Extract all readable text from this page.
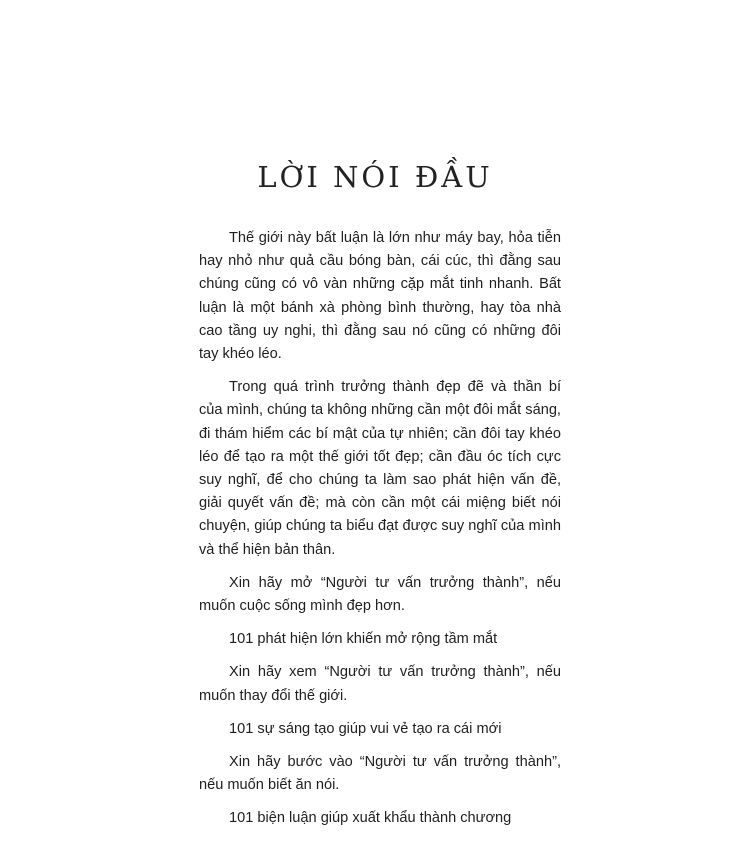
LỜI NÓI ĐẦU

Thế giới này bất luận là lớn như máy bay, hỏa tiễn hay nhỏ như quả cầu bóng bàn, cái cúc, thì đằng sau chúng cũng có vô vàn những cặp mắt tinh nhanh. Bất luận là một bánh xà phòng bình thường, hay tòa nhà cao tầng uy nghi, thì đằng sau nó cũng có những đôi tay khéo léo.

Trong quá trình trưởng thành đẹp đẽ và thần bí của mình, chúng ta không những cần một đôi mắt sáng, đi thám hiểm các bí mật của tự nhiên; cần đôi tay khéo léo để tạo ra một thế giới tốt đẹp; cần đầu óc tích cực suy nghĩ, để cho chúng ta làm sao phát hiện vấn đề, giải quyết vấn đề; mà còn cần một cái miệng biết nói chuyện, giúp chúng ta biểu đạt được suy nghĩ của mình và thể hiện bản thân.

Xin hãy mở “Người tư vấn trưởng thành”, nếu muốn cuộc sống mình đẹp hơn.

101 phát hiện lớn khiến mở rộng tầm mắt

Xin hãy xem “Người tư vấn trưởng thành”, nếu muốn thay đổi thế giới.

101 sự sáng tạo giúp vui vẻ tạo ra cái mới

Xin hãy bước vào “Người tư vấn trưởng thành”, nếu muốn biết ăn nói.

101 biện luận giúp xuất khẩu thành chương
